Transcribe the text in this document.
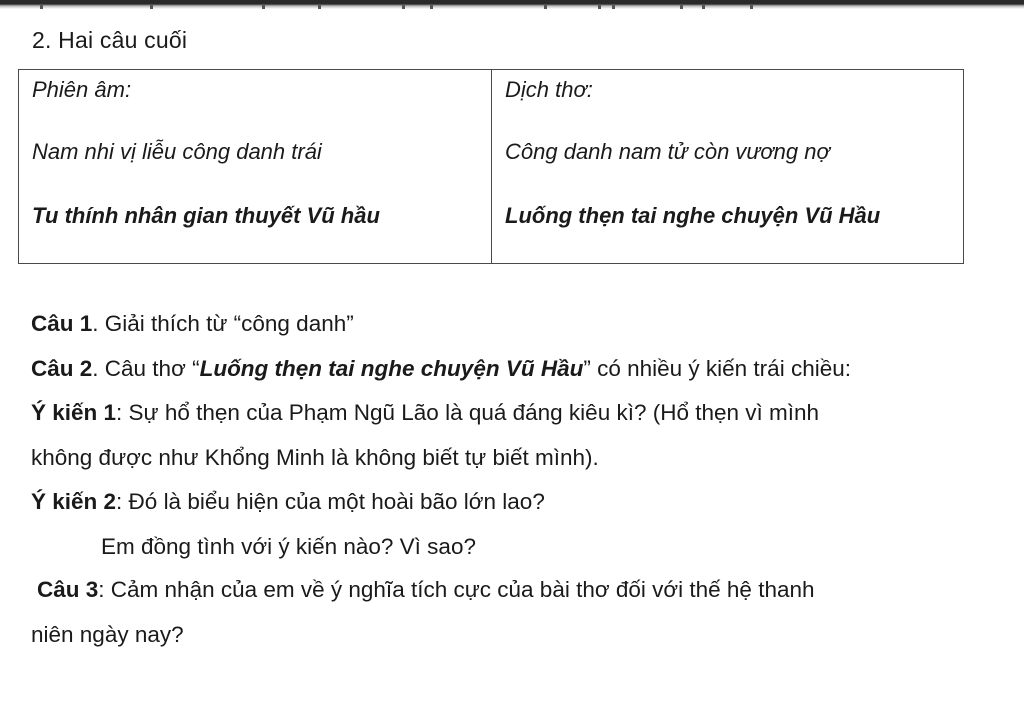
2. Hai câu cuối
Phiên âm:
Nam nhi vị liễu công danh trái
Tu thính nhân gian thuyết Vũ hầu
Dịch thơ:
Công danh nam tử còn vương nợ
Luống thẹn tai nghe chuyện Vũ Hầu
Câu 1. Giải thích từ “công danh”
Câu 2. Câu thơ “Luống thẹn tai nghe chuyện Vũ Hầu” có nhiều ý kiến trái chiều:
Ý kiến 1: Sự hổ thẹn của Phạm Ngũ Lão là quá đáng kiêu kì? (Hổ thẹn vì mình
không được như Khổng Minh là không biết tự biết mình).
Ý kiến 2: Đó là biểu hiện của một hoài bão lớn lao?
Em đồng tình với ý kiến nào? Vì sao?
Câu 3: Cảm nhận của em về ý nghĩa tích cực của bài thơ đối với thế hệ thanh
niên ngày nay?
